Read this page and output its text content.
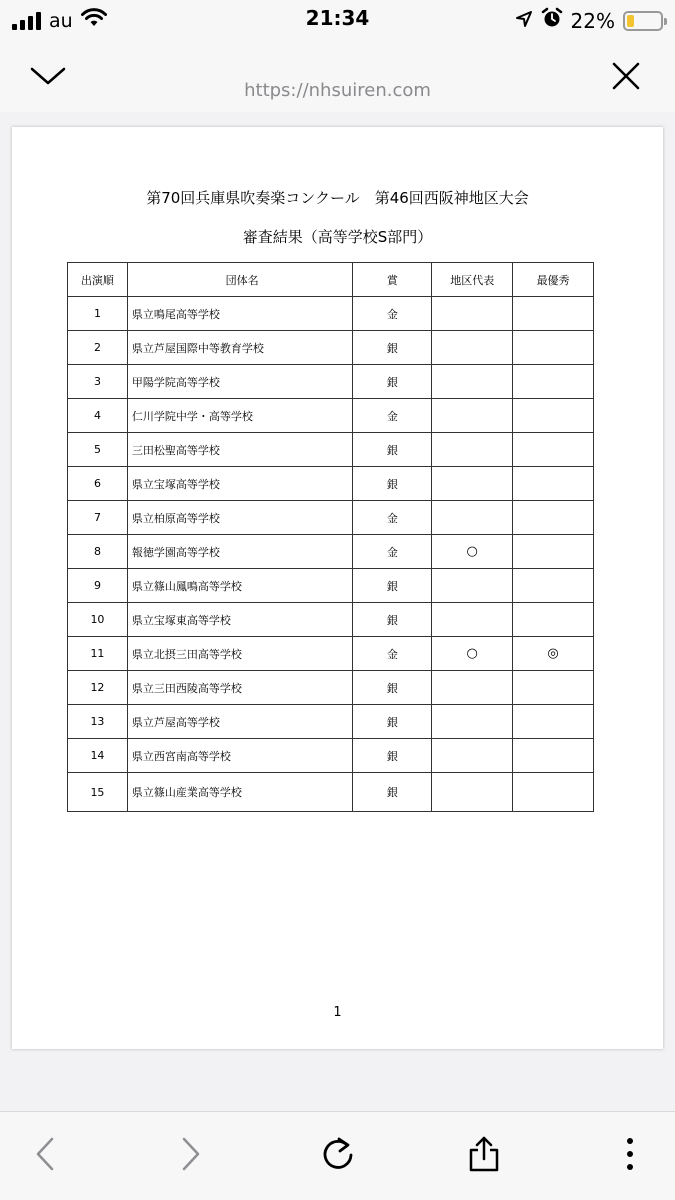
au	21:34	22%
https://nhsuiren.com
第70回兵庫県吹奏楽コンクール　第46回西阪神地区大会
審査結果（高等学校S部門）
出演順	団体名	賞	地区代表	最優秀
1	県立鳴尾高等学校	金		
2	県立芦屋国際中等教育学校	銀		
3	甲陽学院高等学校	銀		
4	仁川学院中学・高等学校	金		
5	三田松聖高等学校	銀		
6	県立宝塚高等学校	銀		
7	県立柏原高等学校	金		
8	報徳学園高等学校	金	○	
9	県立篠山鳳鳴高等学校	銀		
10	県立宝塚東高等学校	銀		
11	県立北摂三田高等学校	金	○	◎
12	県立三田西陵高等学校	銀		
13	県立芦屋高等学校	銀		
14	県立西宮南高等学校	銀		
15	県立篠山産業高等学校	銀		
1
